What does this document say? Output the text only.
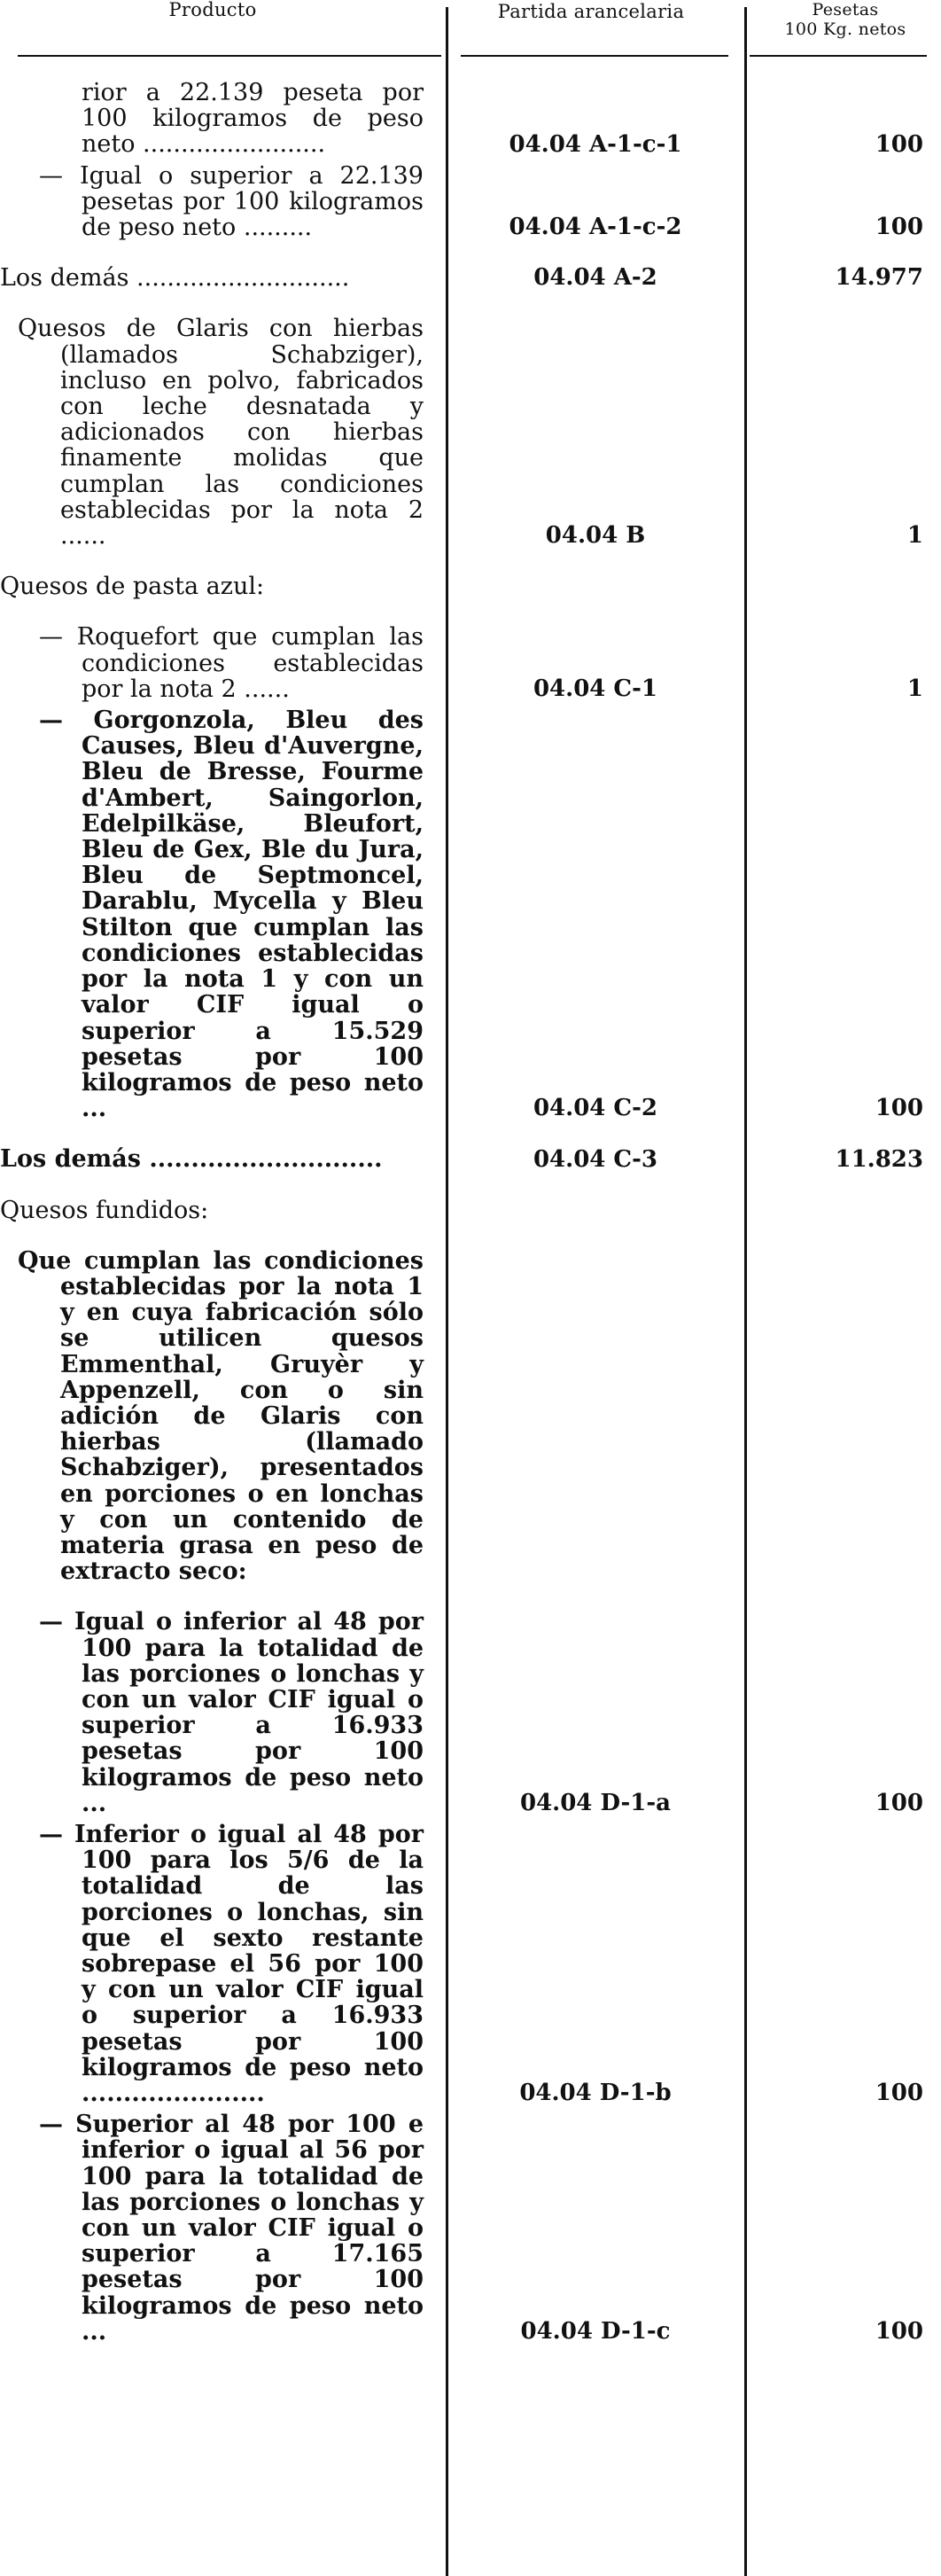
Producto	Partida arancelaria	Pesetas
100 Kg. netos
rior a 22.139 peseta por 100 kilogramos de peso neto ........................	04.04 A-1-c-1	100
— Igual o superior a 22.139 pesetas por 100 kilogramos de peso neto .........	04.04 A-1-c-2	100
Los demás ............................	04.04 A-2	14.977
Quesos de Glaris con hierbas (llamados Schabziger), incluso en polvo, fabricados con leche desnatada y adicionados con hierbas finamente molidas que cumplan las condiciones establecidas por la nota 2 ......	04.04 B	1
Quesos de pasta azul:
— Roquefort que cumplan las condiciones establecidas por la nota 2 ......	04.04 C-1	1
— Gorgonzola, Bleu des Causes, Bleu d'Auvergne, Bleu de Bresse, Fourme d'Ambert, Saingorlon, Edelpilkäse, Bleufort, Bleu de Gex, Ble du Jura, Bleu de Septmoncel, Darablu, Mycella y Bleu Stilton que cumplan las condiciones establecidas por la nota 1 y con un valor CIF igual o superior a 15.529 pesetas por 100 kilogramos de peso neto ...	04.04 C-2	100
Los demás ............................	04.04 C-3	11.823
Quesos fundidos:
Que cumplan las condiciones establecidas por la nota 1 y en cuya fabricación sólo se utilicen quesos Emmenthal, Gruyèr y Appenzell, con o sin adición de Glaris con hierbas (llamado Schabziger), presentados en porciones o en lonchas y con un contenido de materia grasa en peso de extracto seco:
— Igual o inferior al 48 por 100 para la totalidad de las porciones o lonchas y con un valor CIF igual o superior a 16.933 pesetas por 100 kilogramos de peso neto ...	04.04 D-1-a	100
— Inferior o igual al 48 por 100 para los 5/6 de la totalidad de las porciones o lonchas, sin que el sexto restante sobrepase el 56 por 100 y con un valor CIF igual o superior a 16.933 pesetas por 100 kilogramos de peso neto ......................	04.04 D-1-b	100
— Superior al 48 por 100 e inferior o igual al 56 por 100 para la totalidad de las porciones o lonchas y con un valor CIF igual o superior a 17.165 pesetas por 100 kilogramos de peso neto ...	04.04 D-1-c	100
